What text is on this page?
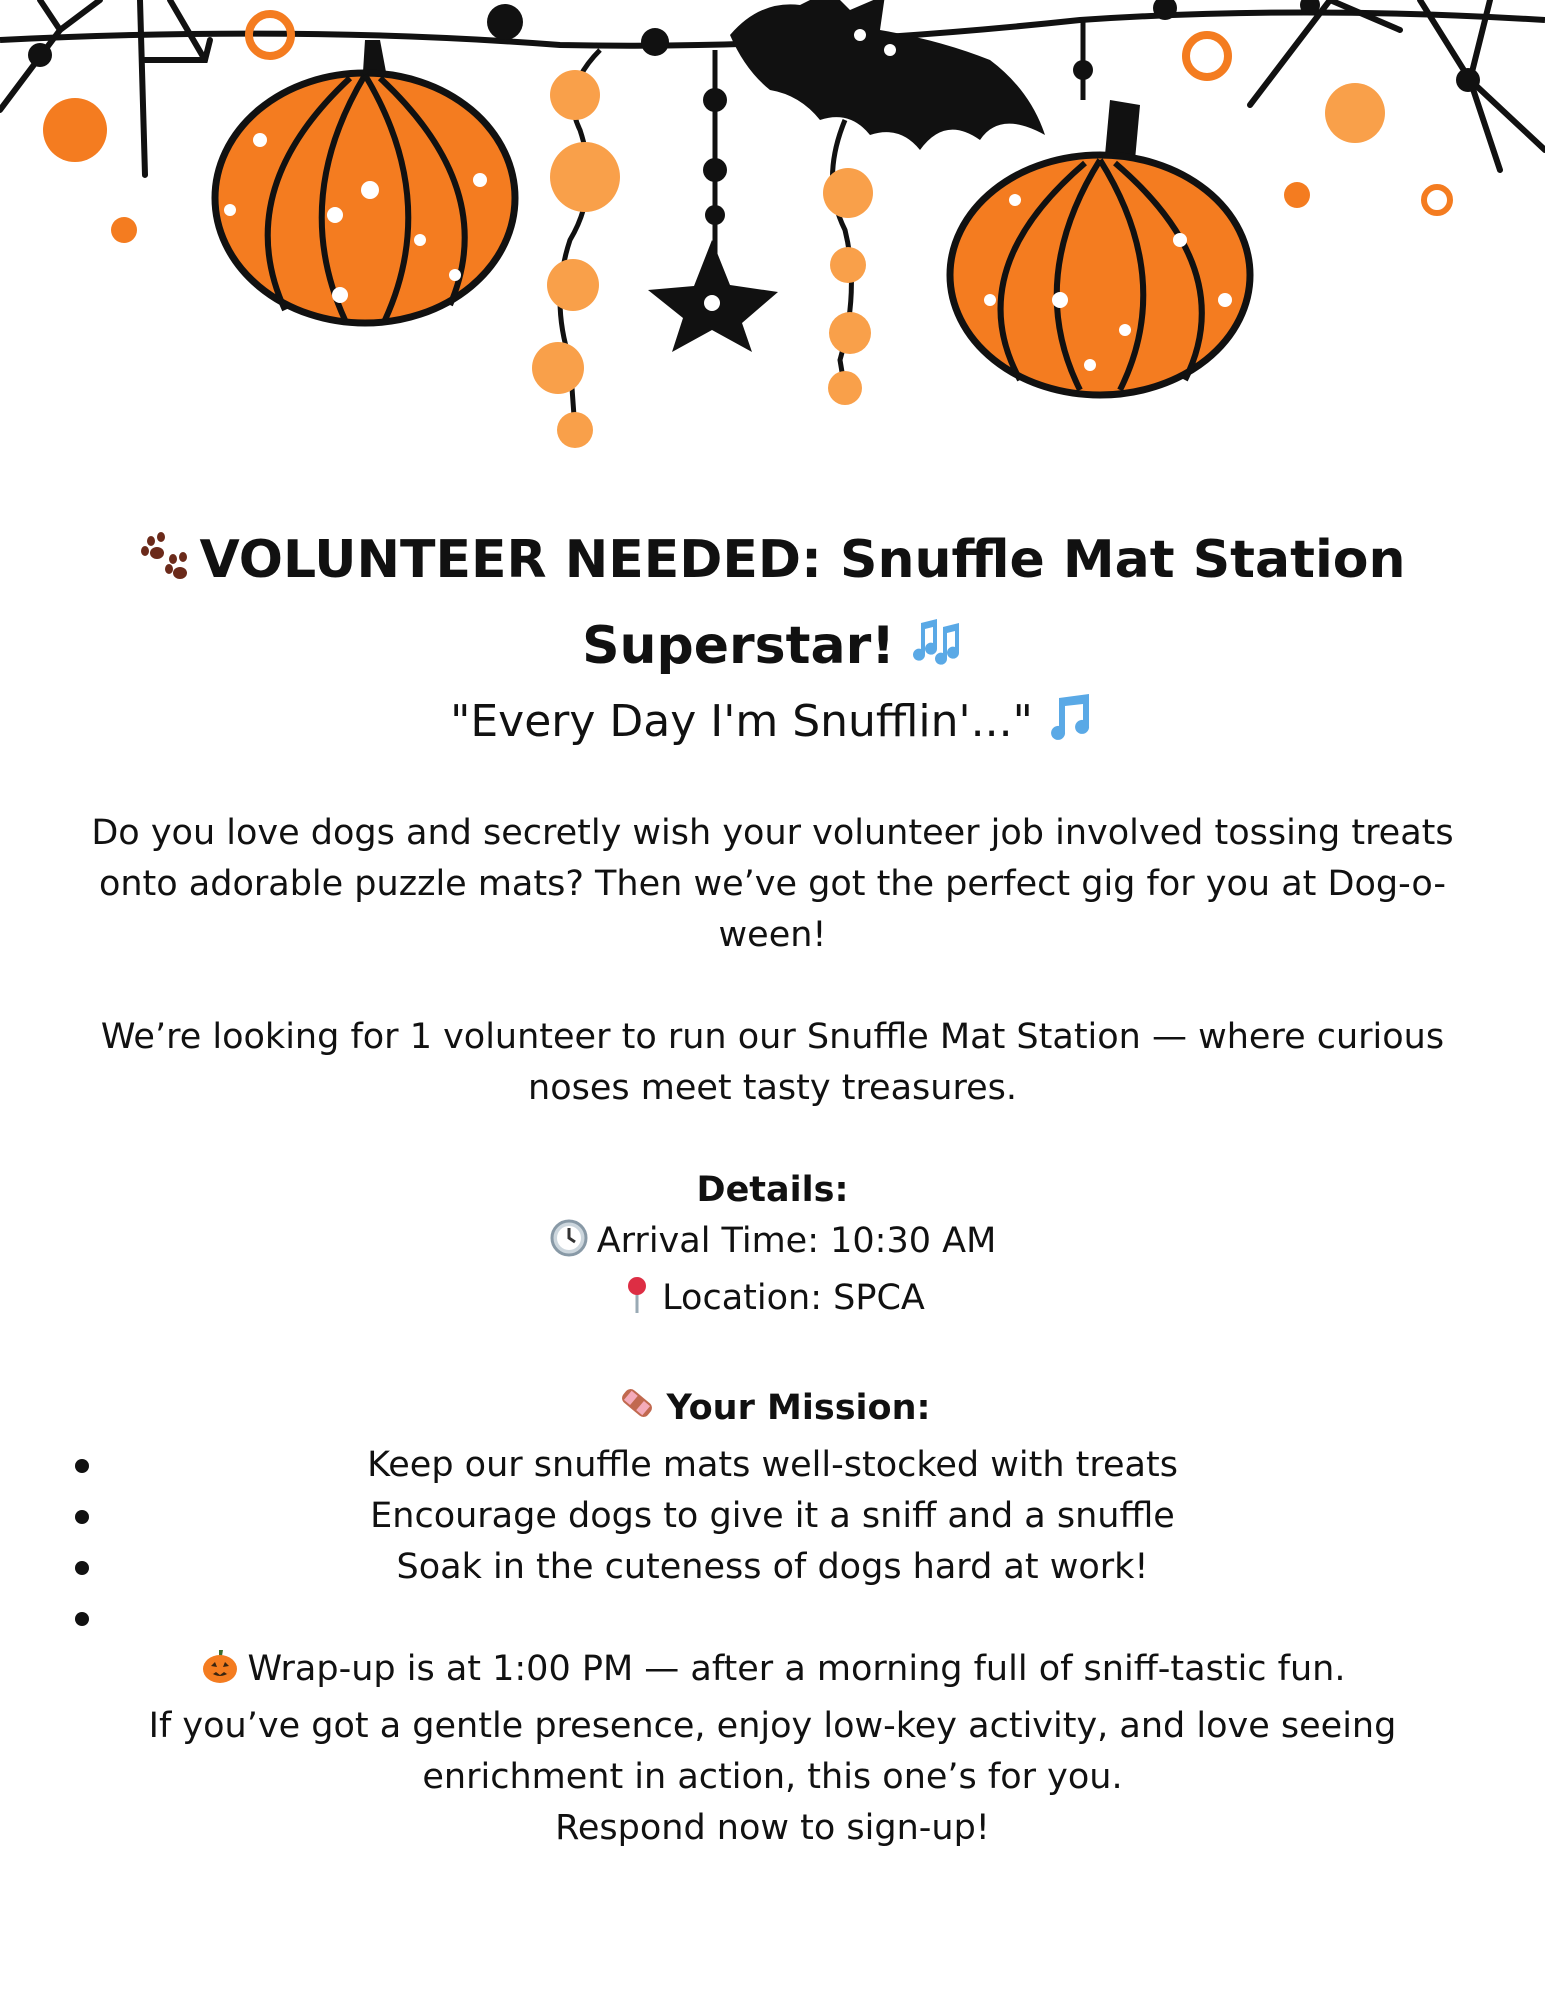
VOLUNTEER NEEDED: Snuffle Mat Station
Superstar!

"Every Day I'm Snufflin'..."

Do you love dogs and secretly wish your volunteer job involved tossing treats onto adorable puzzle mats? Then we’ve got the perfect gig for you at Dog-o-ween!

We’re looking for 1 volunteer to run our Snuffle Mat Station — where curious noses meet tasty treasures.

Details:

Arrival Time: 10:30 AM

Location: SPCA

Your Mission:

Keep our snuffle mats well-stocked with treats
Encourage dogs to give it a sniff and a snuffle
Soak in the cuteness of dogs hard at work!

Wrap-up is at 1:00 PM — after a morning full of sniff-tastic fun.

If you’ve got a gentle presence, enjoy low-key activity, and love seeing enrichment in action, this one’s for you.

Respond now to sign-up!
